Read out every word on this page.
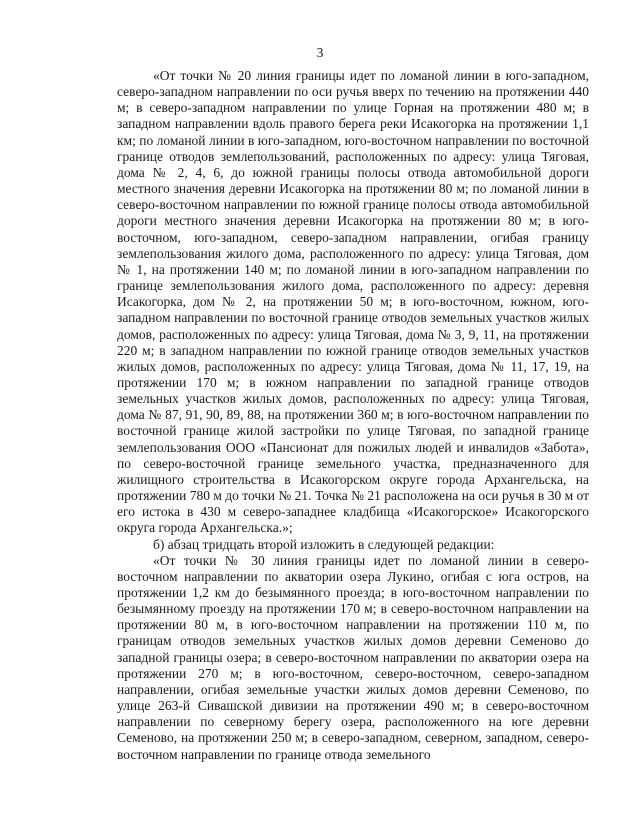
3

«От точки № 20 линия границы идет по ломаной линии в юго-западном, северо-западном направлении по оси ручья вверх по течению на протяжении 440 м; в северо-западном направлении по улице Горная на протяжении 480 м; в западном направлении вдоль правого берега реки Исакогорка на протяжении 1,1 км; по ломаной линии в юго-западном, юго-восточном направлении по восточной границе отводов землепользований, расположенных по адресу: улица Тяговая, дома № 2, 4, 6, до южной границы полосы отвода автомобильной дороги местного значения деревни Исакогорка на протяжении 80 м; по ломаной линии в северо-восточном направлении по южной границе полосы отвода автомобильной дороги местного значения деревни Исакогорка на протяжении 80 м; в юго-восточном, юго-западном, северо-западном направлении, огибая границу землепользования жилого дома, расположенного по адресу: улица Тяговая, дом № 1, на протяжении 140 м; по ломаной линии в юго-западном направлении по границе землепользования жилого дома, расположенного по адресу: деревня Исакогорка, дом № 2, на протяжении 50 м; в юго-восточном, южном, юго-западном направлении по восточной границе отводов земельных участков жилых домов, расположенных по адресу: улица Тяговая, дома № 3, 9, 11, на протяжении 220 м; в западном направлении по южной границе отводов земельных участков жилых домов, расположенных по адресу: улица Тяговая, дома № 11, 17, 19, на протяжении 170 м; в южном направлении по западной границе отводов земельных участков жилых домов, расположенных по адресу: улица Тяговая, дома № 87, 91, 90, 89, 88, на протяжении 360 м; в юго-восточном направлении по восточной границе жилой застройки по улице Тяговая, по западной границе землепользования ООО «Пансионат для пожилых людей и инвалидов «Забота», по северо-восточной границе земельного участка, предназначенного для жилищного строительства в Исакогорском округе города Архангельска, на протяжении 780 м до точки № 21. Точка № 21 расположена на оси ручья в 30 м от его истока в 430 м северо-западнее кладбища «Исакогорское» Исакогорского округа города Архангельска.»;

б) абзац тридцать второй изложить в следующей редакции:

«От точки № 30 линия границы идет по ломаной линии в северо-восточном направлении по акватории озера Лукино, огибая с юга остров, на протяжении 1,2 км до безымянного проезда; в юго-восточном направлении по безымянному проезду на протяжении 170 м; в северо-восточном направлении на протяжении 80 м, в юго-восточном направлении на протяжении 110 м, по границам отводов земельных участков жилых домов деревни Семеново до западной границы озера; в северо-восточном направлении по акватории озера на протяжении 270 м; в юго-восточном, северо-восточном, северо-западном направлении, огибая земельные участки жилых домов деревни Семеново, по улице 263-й Сивашской дивизии на протяжении 490 м; в северо-восточном направлении по северному берегу озера, расположенного на юге деревни Семеново, на протяжении 250 м; в северо-западном, северном, западном, северо-восточном направлении по границе отвода земельного
